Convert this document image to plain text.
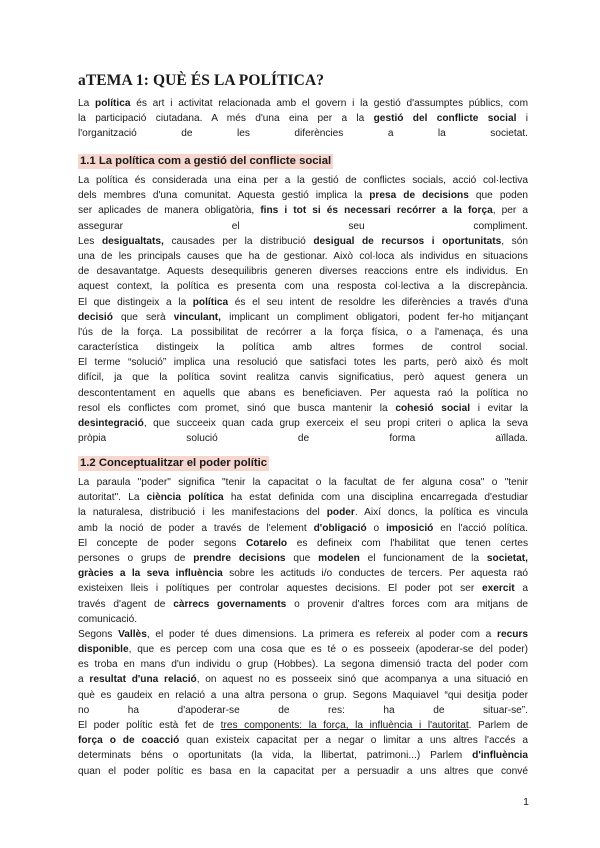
aTEMA 1: QUÈ ÉS LA POLÍTICA?
La política és art i activitat relacionada amb el govern i la gestió d'assumptes públics, com
la participació ciutadana. A més d'una eina per a la gestió del conflicte social i
l'organització de les diferències a la societat.
1.1 La política com a gestió del conflicte social
La política és considerada una eina per a la gestió de conflictes socials, acció col·lectiva
dels membres d'una comunitat. Aquesta gestió implica la presa de decisions que poden
ser aplicades de manera obligatòria, fins i tot si és necessari recórrer a la força, per a
assegurar el seu compliment.
Les desigualtats, causades per la distribució desigual de recursos i oportunitats, són
una de les principals causes que ha de gestionar. Això col·loca als individus en situacions
de desavantatge. Aquests desequilibris generen diverses reaccions entre els individus. En
aquest context, la política es presenta com una resposta col·lectiva a la discrepància.
El que distingeix a la política és el seu intent de resoldre les diferències a través d'una
decisió que serà vinculant, implicant un compliment obligatori, podent fer-ho mitjançant
l'ús de la força. La possibilitat de recórrer a la força física, o a l'amenaça, és una
característica distingeix la política amb altres formes de control social.
El terme “solució” implica una resolució que satisfaci totes les parts, però això és molt
difícil, ja que la política sovint realitza canvis significatius, però aquest genera un
descontentament en aquells que abans es beneficiaven. Per aquesta raó la política no
resol els conflictes com promet, sinó que busca mantenir la cohesió social i evitar la
desintegració, que succeeix quan cada grup exerceix el seu propi criteri o aplica la seva
pròpia solució de forma aïllada.
1.2 Conceptualitzar el poder polític
La paraula "poder" significa "tenir la capacitat o la facultat de fer alguna cosa" o "tenir
autoritat". La ciència política ha estat definida com una disciplina encarregada d'estudiar
la naturalesa, distribució i les manifestacions del poder. Així doncs, la política es vincula
amb la noció de poder a través de l'element d'obligació o imposició en l'acció política.
El concepte de poder segons Cotarelo es defineix com l'habilitat que tenen certes
persones o grups de prendre decisions que modelen el funcionament de la societat,
gràcies a la seva influència sobre les actituds i/o conductes de tercers. Per aquesta raó
existeixen lleis i polítiques per controlar aquestes decisions. El poder pot ser exercit a
través d'agent de càrrecs governaments o provenir d'altres forces com ara mitjans de
comunicació.
Segons Vallès, el poder té dues dimensions. La primera es refereix al poder com a recurs
disponible, que es percep com una cosa que es té o es posseeix (apoderar-se del poder)
es troba en mans d'un individu o grup (Hobbes). La segona dimensió tracta del poder com
a resultat d'una relació, on aquest no es posseeix sinó que acompanya a una situació en
què es gaudeix en relació a una altra persona o grup. Segons Maquiavel “qui desitja poder
no ha d'apoderar-se de res: ha de situar-se”.
El poder polític està fet de tres components: la força, la influència i l'autoritat. Parlem de
força o de coacció quan existeix capacitat per a negar o limitar a uns altres l'accés a
determinats béns o oportunitats (la vida, la llibertat, patrimoni...) Parlem d'influència
quan el poder polític es basa en la capacitat per a persuadir a uns altres que convé
1
